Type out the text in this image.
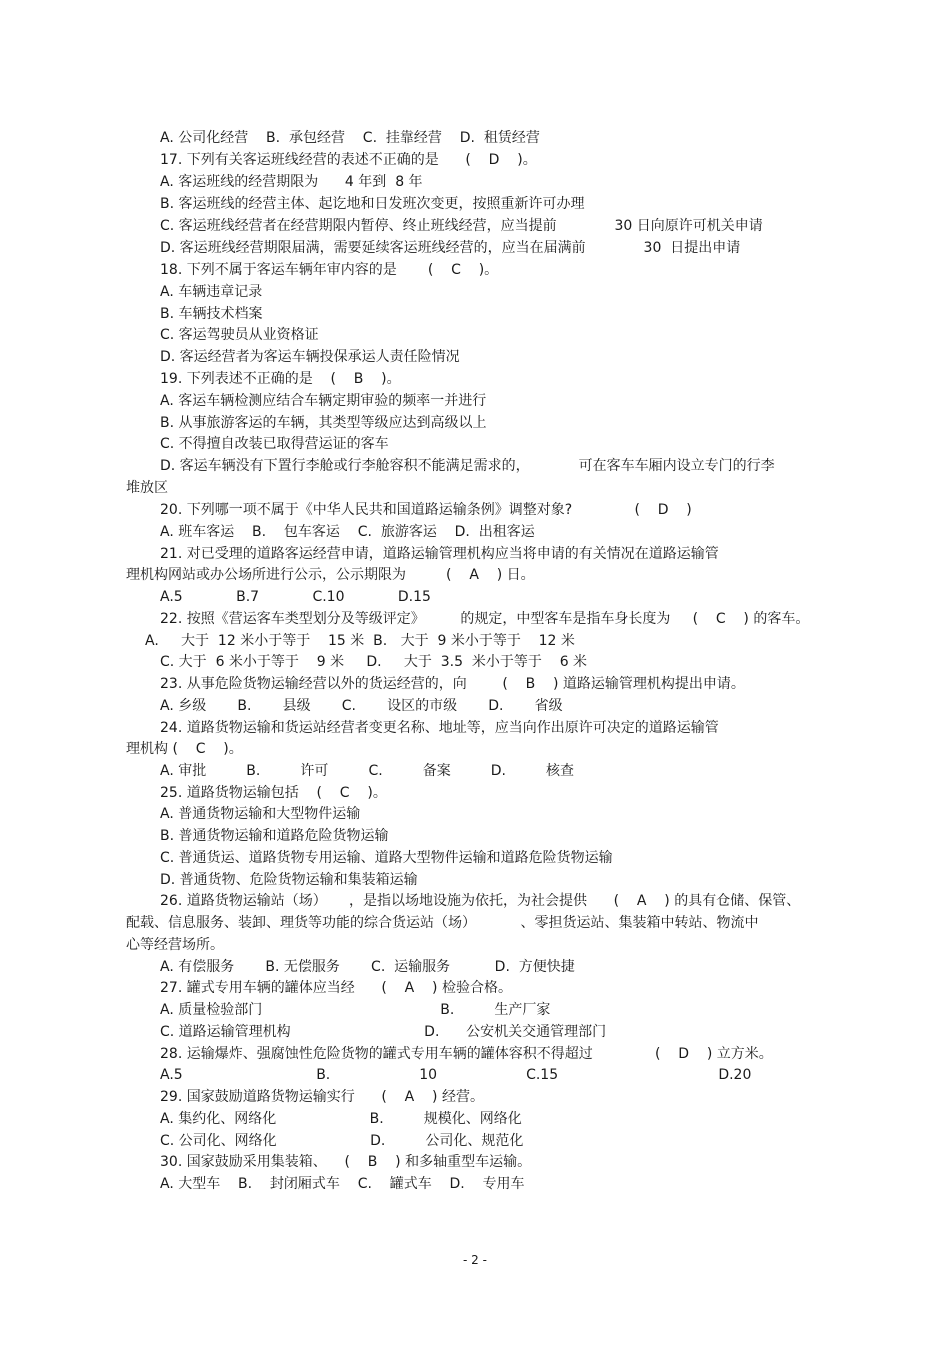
A. 公司化经营    B.  承包经营    C.  挂靠经营    D.  租赁经营
17. 下列有关客运班线经营的表述不正确的是      (    D    )。
A. 客运班线的经营期限为      4 年到  8 年
B. 客运班线的经营主体、起讫地和日发班次变更，按照重新许可办理
C. 客运班线经营者在经营期限内暂停、终止班线经营，应当提前             30 日向原许可机关申请
D. 客运班线经营期限届满，需要延续客运班线经营的，应当在届满前             30  日提出申请
18. 下列不属于客运车辆年审内容的是       (    C    )。
A. 车辆违章记录
B. 车辆技术档案
C. 客运驾驶员从业资格证
D. 客运经营者为客运车辆投保承运人责任险情况
19. 下列表述不正确的是    (    B    )。
A. 客运车辆检测应结合车辆定期审验的频率一并进行
B. 从事旅游客运的车辆，其类型等级应达到高级以上
C. 不得擅自改装已取得营运证的客车
D. 客运车辆没有下置行李舱或行李舱容积不能满足需求的，           可在客车车厢内设立专门的行李
堆放区
20. 下列哪一项不属于《中华人民共和国道路运输条例》调整对象?              (    D    )
A. 班车客运    B.    包车客运    C.  旅游客运    D.  出租客运
21. 对已受理的道路客运经营申请，道路运输管理机构应当将申请的有关情况在道路运输管
理机构网站或办公场所进行公示，公示期限为         (    A    ) 日。
A.5            B.7            C.10            D.15
22. 按照《营运客车类型划分及等级评定》        的规定，中型客车是指车身长度为     (    C    ) 的客车。
A.     大于  12 米小于等于    15 米  B.   大于  9 米小于等于    12 米
C. 大于  6 米小于等于    9 米     D.     大于  3.5  米小于等于    6 米
23. 从事危险货物运输经营以外的货运经营的，向        (    B    ) 道路运输管理机构提出申请。
A. 乡级       B.       县级       C.       设区的市级       D.       省级
24. 道路货物运输和货运站经营者变更名称、地址等，应当向作出原许可决定的道路运输管
理机构 (    C    )。
A. 审批         B.         许可         C.         备案         D.         核查
25. 道路货物运输包括    (    C    )。
A. 普通货物运输和大型物件运输
B. 普通货物运输和道路危险货物运输
C. 普通货运、道路货物专用运输、道路大型物件运输和道路危险货物运输
D. 普通货物、危险货物运输和集装箱运输
26. 道路货物运输站（场）     ，是指以场地设施为依托，为社会提供      (    A    ) 的具有仓储、保管、
配载、信息服务、装卸、理货等功能的综合货运站（场）          、零担货运站、集装箱中转站、物流中
心等经营场所。
A. 有偿服务       B. 无偿服务       C.  运输服务          D.  方便快捷
27. 罐式专用车辆的罐体应当经      (    A    ) 检验合格。
A. 质量检验部门                                        B.         生产厂家
C. 道路运输管理机构                              D.      公安机关交通管理部门
28. 运输爆炸、强腐蚀性危险货物的罐式专用车辆的罐体容积不得超过              (    D    ) 立方米。
A.5                              B.                    10                    C.15                                    D.20
29. 国家鼓励道路货物运输实行      (    A    ) 经营。
A. 集约化、网络化                     B.         规模化、网络化
C. 公司化、网络化                     D.         公司化、规范化
30. 国家鼓励采用集装箱、    (    B    ) 和多轴重型车运输。
A. 大型车    B.    封闭厢式车    C.    罐式车    D.    专用车
- 2 -
